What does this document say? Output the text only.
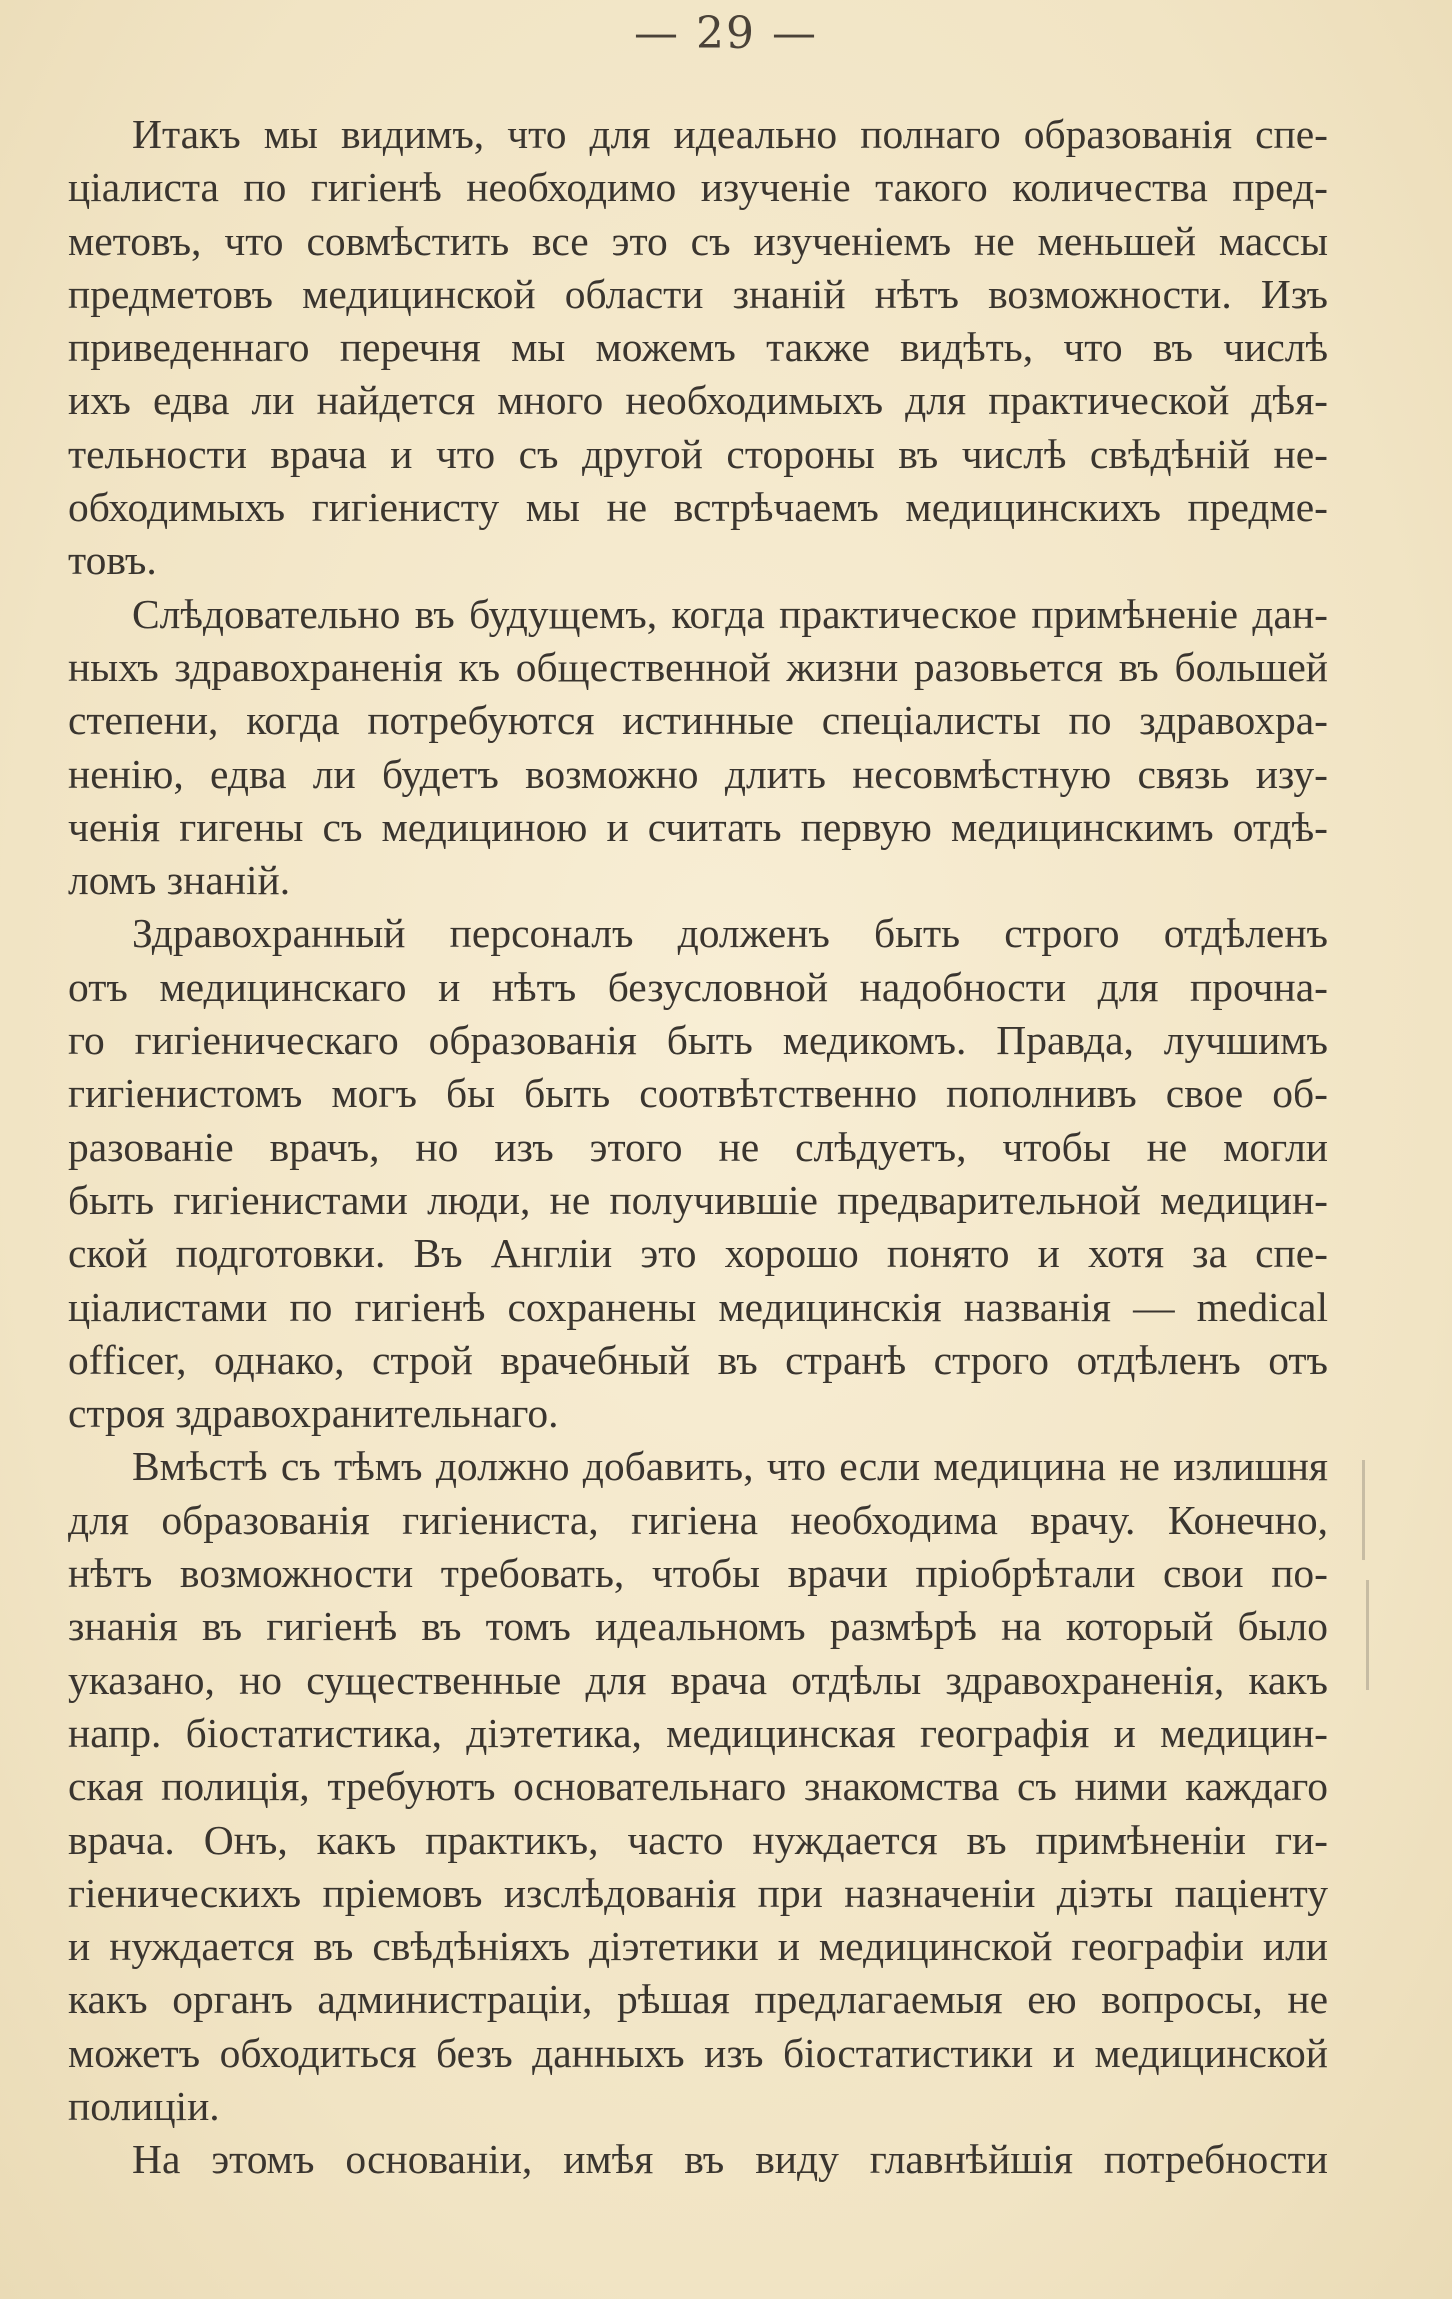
— 29 —
Итакъ мы видимъ, что для идеально полнаго образованія спе-
ціалиста по гигіенѣ необходимо изученіе такого количества пред-
метовъ, что совмѣстить все это съ изученіемъ не меньшей массы
предметовъ медицинской области знаній нѣтъ возможности. Изъ
приведеннаго перечня мы можемъ также видѣть, что въ числѣ
ихъ едва ли найдется много необходимыхъ для практической дѣя-
тельности врача и что съ другой стороны въ числѣ свѣдѣній не-
обходимыхъ гигіенисту мы не встрѣчаемъ медицинскихъ предме-
товъ.
Слѣдовательно въ будущемъ, когда практическое примѣненіе дан-
ныхъ здравохраненія къ общественной жизни разовьется въ большей
степени, когда потребуются истинные спеціалисты по здравохра-
ненію, едва ли будетъ возможно длить несовмѣстную связь изу-
ченія гигены съ медициною и считать первую медицинскимъ отдѣ-
ломъ знаній.
Здравохранный персоналъ долженъ быть строго отдѣленъ
отъ медицинскаго и нѣтъ безусловной надобности для прочна-
го гигіеническаго образованія быть медикомъ. Правда, лучшимъ
гигіенистомъ могъ бы быть соотвѣтственно пополнивъ свое об-
разованіе врачъ, но изъ этого не слѣдуетъ, чтобы не могли
быть гигіенистами люди, не получившіе предварительной медицин-
ской подготовки. Въ Англіи это хорошо понято и хотя за спе-
ціалистами по гигіенѣ сохранены медицинскія названія — medical
officer, однако, строй врачебный въ странѣ строго отдѣленъ отъ
строя здравохранительнаго.
Вмѣстѣ съ тѣмъ должно добавить, что если медицина не излишня
для образованія гигіениста, гигіена необходима врачу. Конечно,
нѣтъ возможности требовать, чтобы врачи пріобрѣтали свои по-
знанія въ гигіенѣ въ томъ идеальномъ размѣрѣ на который было
указано, но существенные для врача отдѣлы здравохраненія, какъ
напр. біостатистика, діэтетика, медицинская географія и медицин-
ская полиція, требуютъ основательнаго знакомства съ ними каждаго
врача. Онъ, какъ практикъ, часто нуждается въ примѣненіи ги-
гіеническихъ пріемовъ изслѣдованія при назначеніи діэты паціенту
и нуждается въ свѣдѣніяхъ діэтетики и медицинской географіи или
какъ органъ администраціи, рѣшая предлагаемыя ею вопросы, не
можетъ обходиться безъ данныхъ изъ біостатистики и медицинской
полиціи.
На этомъ основаніи, имѣя въ виду главнѣйшія потребности
